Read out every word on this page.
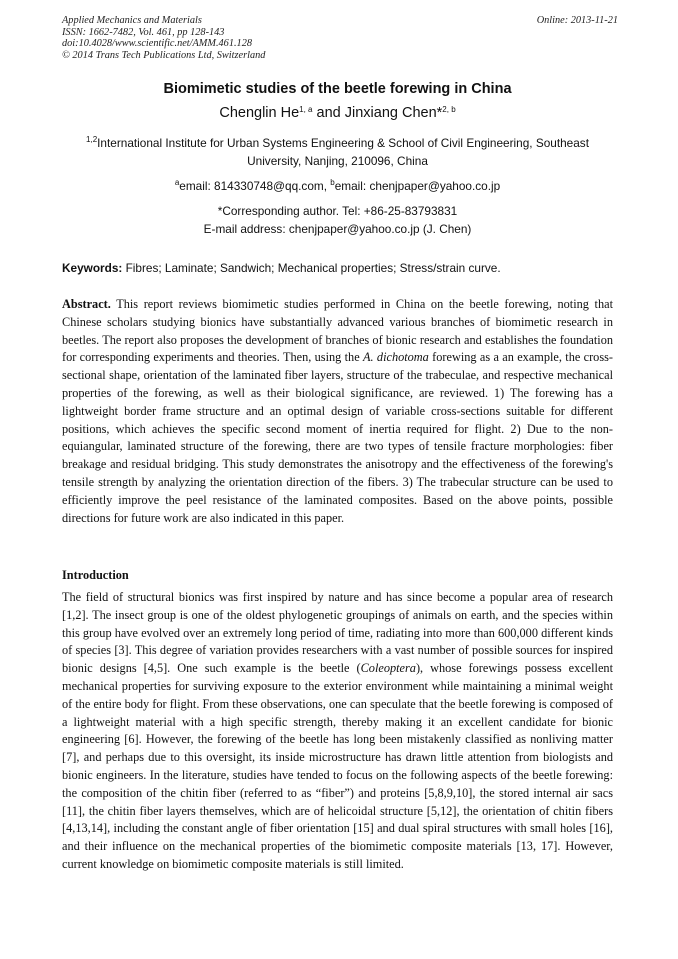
Applied Mechanics and Materials
ISSN: 1662-7482, Vol. 461, pp 128-143
doi:10.4028/www.scientific.net/AMM.461.128
© 2014 Trans Tech Publications Ltd, Switzerland
Online: 2013-11-21
Biomimetic studies of the beetle forewing in China
Chenglin He$^{1, a}$ and Jinxiang Chen*$^{2, b}$
$^{1,2}$International Institute for Urban Systems Engineering & School of Civil Engineering, Southeast University, Nanjing, 210096, China
$^a$email: 814330748@qq.com, $^b$email: chenjpaper@yahoo.co.jp
*Corresponding author. Tel: +86-25-83793831
E-mail address: chenjpaper@yahoo.co.jp (J. Chen)
Keywords: Fibres; Laminate; Sandwich; Mechanical properties; Stress/strain curve.
Abstract. This report reviews biomimetic studies performed in China on the beetle forewing, noting that Chinese scholars studying bionics have substantially advanced various branches of biomimetic research in beetles. The report also proposes the development of branches of bionic research and establishes the foundation for corresponding experiments and theories. Then, using the A. dichotoma forewing as a an example, the cross-sectional shape, orientation of the laminated fiber layers, structure of the trabeculae, and respective mechanical properties of the forewing, as well as their biological significance, are reviewed. 1) The forewing has a lightweight border frame structure and an optimal design of variable cross-sections suitable for different positions, which achieves the specific second moment of inertia required for flight. 2) Due to the non-equiangular, laminated structure of the forewing, there are two types of tensile fracture morphologies: fiber breakage and residual bridging. This study demonstrates the anisotropy and the effectiveness of the forewing's tensile strength by analyzing the orientation direction of the fibers. 3) The trabecular structure can be used to efficiently improve the peel resistance of the laminated composites. Based on the above points, possible directions for future work are also indicated in this paper.
Introduction
The field of structural bionics was first inspired by nature and has since become a popular area of research [1,2]. The insect group is one of the oldest phylogenetic groupings of animals on earth, and the species within this group have evolved over an extremely long period of time, radiating into more than 600,000 different kinds of species [3]. This degree of variation provides researchers with a vast number of possible sources for inspired bionic designs [4,5]. One such example is the beetle (Coleoptera), whose forewings possess excellent mechanical properties for surviving exposure to the exterior environment while maintaining a minimal weight of the entire body for flight. From these observations, one can speculate that the beetle forewing is composed of a lightweight material with a high specific strength, thereby making it an excellent candidate for bionic engineering [6]. However, the forewing of the beetle has long been mistakenly classified as nonliving matter [7], and perhaps due to this oversight, its inside microstructure has drawn little attention from biologists and bionic engineers. In the literature, studies have tended to focus on the following aspects of the beetle forewing: the composition of the chitin fiber (referred to as “fiber”) and proteins [5,8,9,10], the stored internal air sacs [11], the chitin fiber layers themselves, which are of helicoidal structure [5,12], the orientation of chitin fibers [4,13,14], including the constant angle of fiber orientation [15] and dual spiral structures with small holes [16], and their influence on the mechanical properties of the biomimetic composite materials [13, 17]. However, current knowledge on biomimetic composite materials is still limited.
